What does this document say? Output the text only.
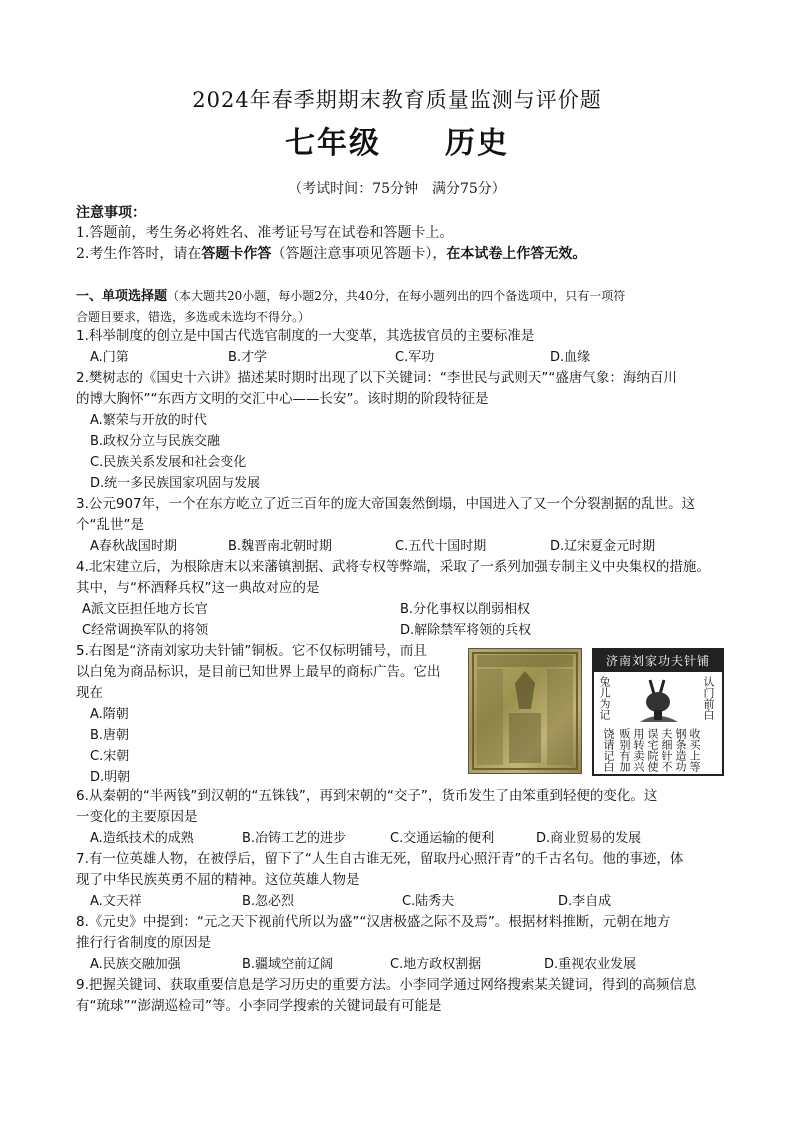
2024年春季期期末教育质量监测与评价题
七年级　　历史
（考试时间：75分钟　满分75分）
注意事项：
1.答题前，考生务必将姓名、准考证号写在试卷和答题卡上。
2.考生作答时，请在答题卡作答（答题注意事项见答题卡），在本试卷上作答无效。
一、单项选择题（本大题共20小题，每小题2分，共40分，在每小题列出的四个备选项中，只有一项符
合题目要求，错选，多选或未选均不得分。）
1.科举制度的创立是中国古代选官制度的一大变革，其选拔官员的主要标准是
A.门第	B.才学	C.军功	D.血缘
2.樊树志的《国史十六讲》描述某时期时出现了以下关键词：“李世民与武则天”“盛唐气象：海纳百川
的博大胸怀”“东西方文明的交汇中心——长安”。该时期的阶段特征是
A.繁荣与开放的时代
B.政权分立与民族交融
C.民族关系发展和社会变化
D.统一多民族国家巩固与发展
3.公元907年，一个在东方屹立了近三百年的庞大帝国轰然倒塌，中国进入了又一个分裂割据的乱世。这
个“乱世”是
A春秋战国时期	B.魏晋南北朝时期	C.五代十国时期	D.辽宋夏金元时期
4.北宋建立后，为根除唐末以来藩镇割据、武将专权等弊端，采取了一系列加强专制主义中央集权的措施。
其中，与“杯酒释兵权”这一典故对应的是
A派文臣担任地方长官	B.分化事权以削弱相权
C经常调换军队的将领	D.解除禁军将领的兵权
5.右图是“济南刘家功夫针铺”铜板。它不仅标明铺号，而且
以白兔为商品标识，是目前已知世界上最早的商标广告。它出
现在
A.隋朝
B.唐朝
C.宋朝
D.明朝
济南刘家功夫针铺
兔儿为记	认门前白
收买上等
钢条造功
夫细针不
误宅院使
用转卖兴
贩别有加
饶请记白
6.从秦朝的“半两钱”到汉朝的“五铢钱”，再到宋朝的“交子”，货币发生了由笨重到轻便的变化。这
一变化的主要原因是
A.造纸技术的成熟	B.冶铸工艺的进步	C.交通运输的便利	D.商业贸易的发展
7.有一位英雄人物，在被俘后，留下了“人生自古谁无死，留取丹心照汗青”的千古名句。他的事迹，体
现了中华民族英勇不屈的精神。这位英雄人物是
A.文天祥	B.忽必烈	C.陆秀夫	D.李自成
8.《元史》中提到：“元之天下视前代所以为盛”“汉唐极盛之际不及焉”。根据材料推断，元朝在地方
推行行省制度的原因是
A.民族交融加强	B.疆域空前辽阔	C.地方政权割据	D.重视农业发展
9.把握关键词、获取重要信息是学习历史的重要方法。小李同学通过网络搜索某关键词，得到的高频信息
有“琉球”“澎湖巡检司”等。小李同学搜索的关键词最有可能是
